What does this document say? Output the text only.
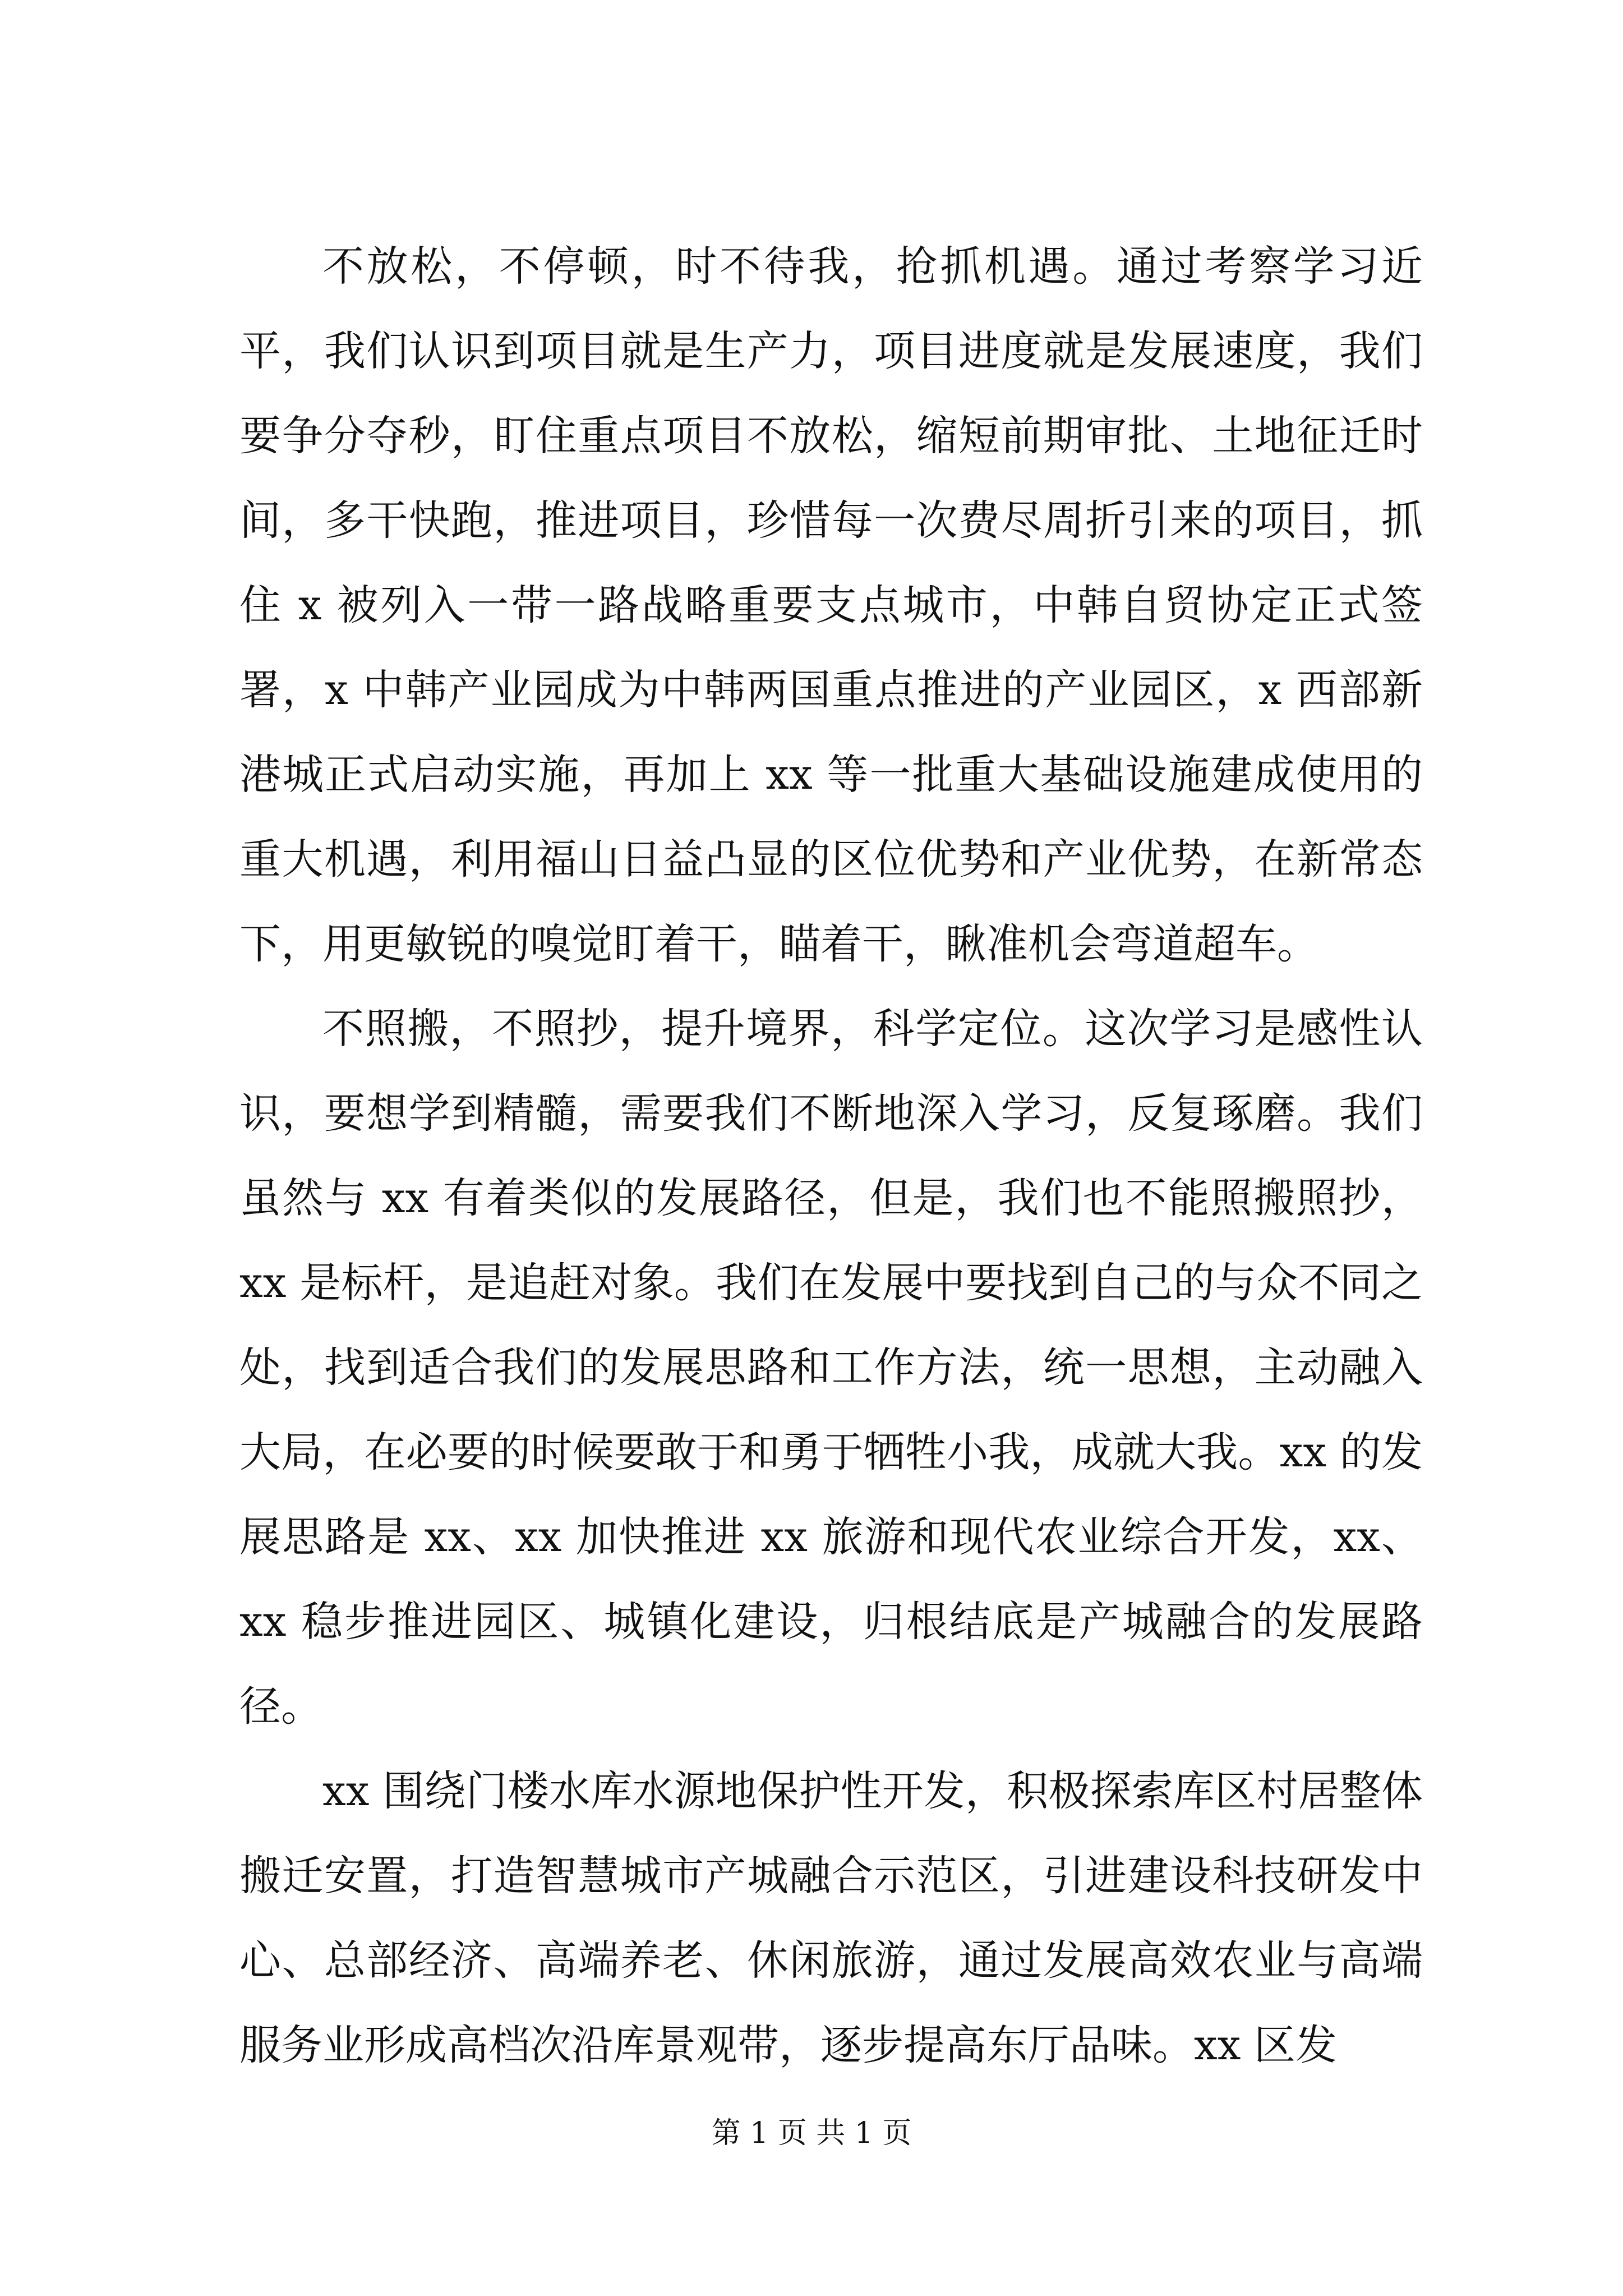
不放松，不停顿，时不待我，抢抓机遇。通过考察学习近平，我们认识到项目就是生产力，项目进度就是发展速度，我们要争分夺秒，盯住重点项目不放松，缩短前期审批、土地征迁时间，多干快跑，推进项目，珍惜每一次费尽周折引来的项目，抓住 x 被列入一带一路战略重要支点城市，中韩自贸协定正式签署，x 中韩产业园成为中韩两国重点推进的产业园区，x 西部新港城正式启动实施，再加上 xx 等一批重大基础设施建成使用的重大机遇，利用福山日益凸显的区位优势和产业优势，在新常态下，用更敏锐的嗅觉盯着干，瞄着干，瞅准机会弯道超车。

不照搬，不照抄，提升境界，科学定位。这次学习是感性认识，要想学到精髓，需要我们不断地深入学习，反复琢磨。我们虽然与 xx 有着类似的发展路径，但是，我们也不能照搬照抄，xx 是标杆，是追赶对象。我们在发展中要找到自己的与众不同之处，找到适合我们的发展思路和工作方法，统一思想，主动融入大局，在必要的时候要敢于和勇于牺牲小我，成就大我。xx 的发展思路是 xx、xx 加快推进 xx 旅游和现代农业综合开发，xx、xx 稳步推进园区、城镇化建设，归根结底是产城融合的发展路径。

xx 围绕门楼水库水源地保护性开发，积极探索库区村居整体搬迁安置，打造智慧城市产城融合示范区，引进建设科技研发中心、总部经济、高端养老、休闲旅游，通过发展高效农业与高端服务业形成高档次沿库景观带，逐步提高东厅品味。xx 区发

第 1 页 共 1 页
